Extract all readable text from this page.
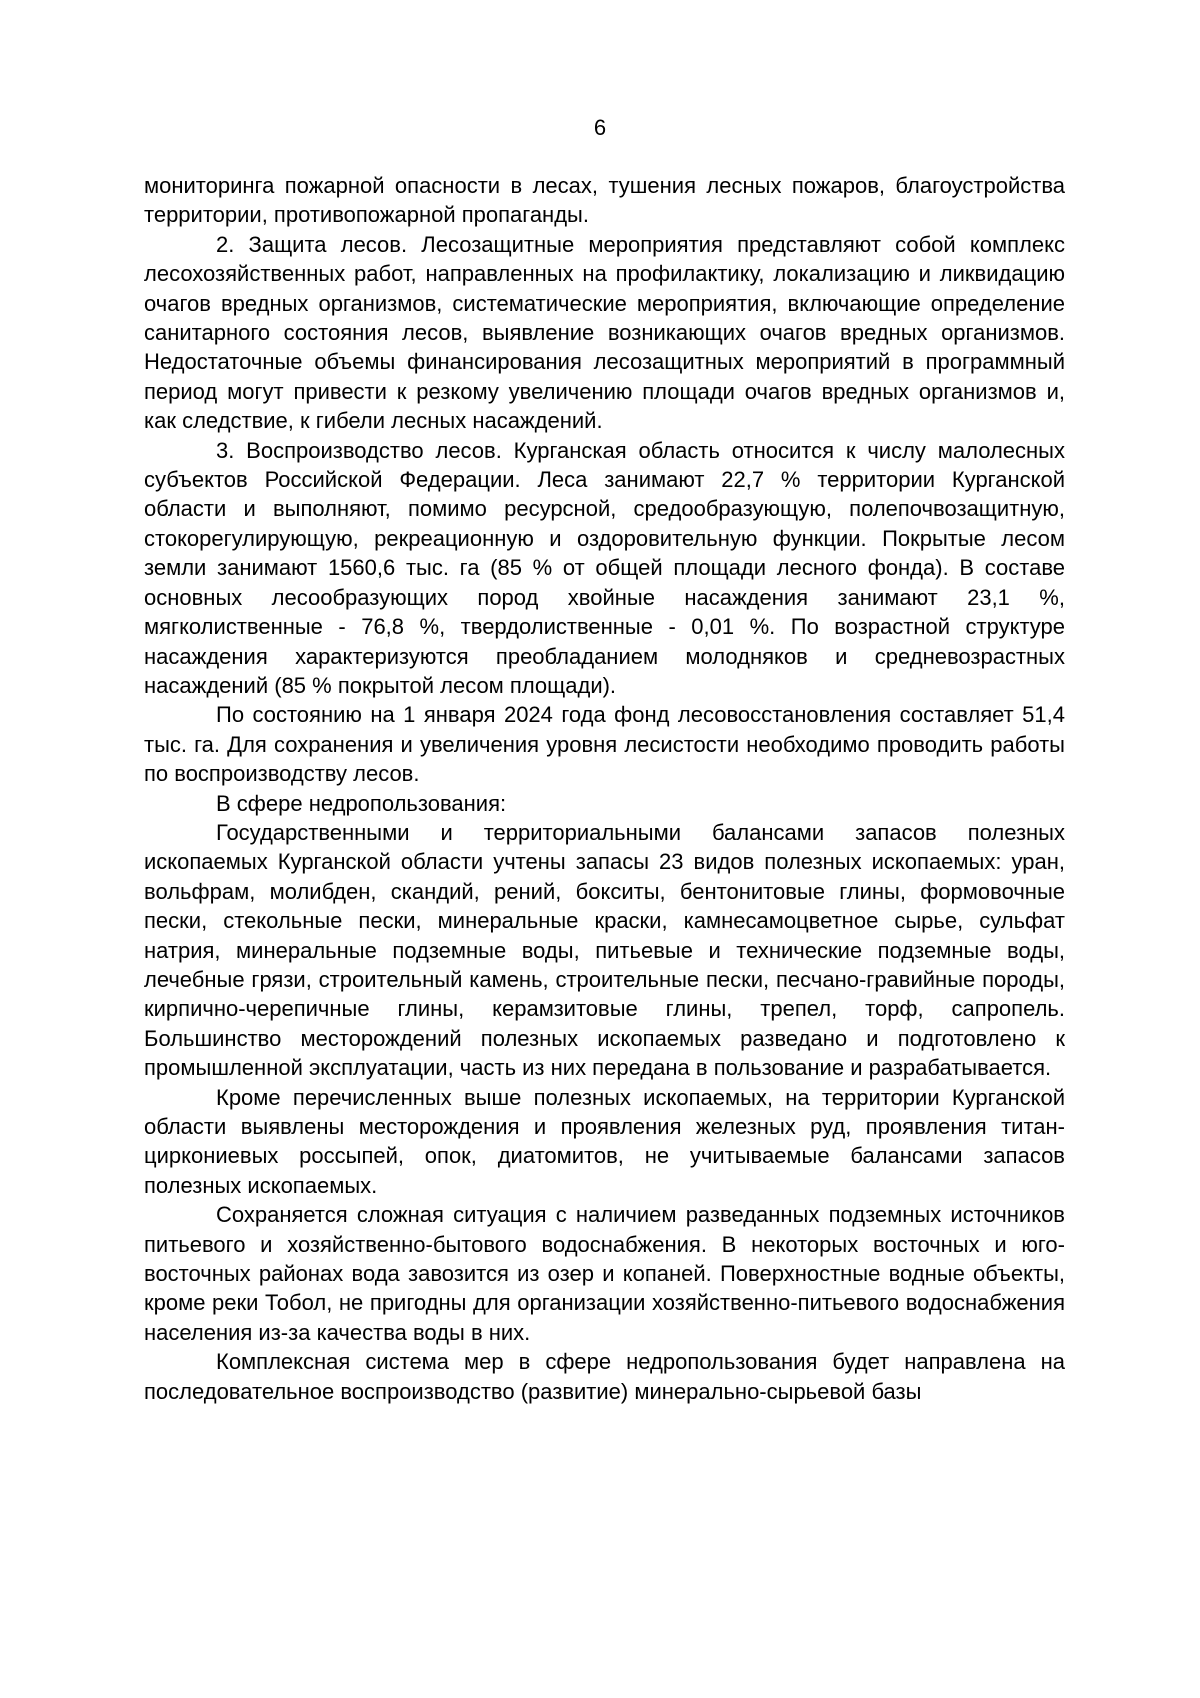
6

мониторинга пожарной опасности в лесах, тушения лесных пожаров, благоустройства территории, противопожарной пропаганды.

2. Защита лесов. Лесозащитные мероприятия представляют собой комплекс лесохозяйственных работ, направленных на профилактику, локализацию и ликвидацию очагов вредных организмов, систематические мероприятия, включающие определение санитарного состояния лесов, выявление возникающих очагов вредных организмов. Недостаточные объемы финансирования лесозащитных мероприятий в программный период могут привести к резкому увеличению площади очагов вредных организмов и, как следствие, к гибели лесных насаждений.

3. Воспроизводство лесов. Курганская область относится к числу малолесных субъектов Российской Федерации. Леса занимают 22,7 % территории Курганской области и выполняют, помимо ресурсной, средообразующую, полепочвозащитную, стокорегулирующую, рекреационную и оздоровительную функции. Покрытые лесом земли занимают 1560,6 тыс. га (85 % от общей площади лесного фонда). В составе основных лесообразующих пород хвойные насаждения занимают 23,1 %, мягколиственные - 76,8 %, твердолиственные - 0,01 %. По возрастной структуре насаждения характеризуются преобладанием молодняков и средневозрастных насаждений (85 % покрытой лесом площади).

По состоянию на 1 января 2024 года фонд лесовосстановления составляет 51,4 тыс. га. Для сохранения и увеличения уровня лесистости необходимо проводить работы по воспроизводству лесов.

В сфере недропользования:

Государственными и территориальными балансами запасов полезных ископаемых Курганской области учтены запасы 23 видов полезных ископаемых: уран, вольфрам, молибден, скандий, рений, бокситы, бентонитовые глины, формовочные пески, стекольные пески, минеральные краски, камнесамоцветное сырье, сульфат натрия, минеральные подземные воды, питьевые и технические подземные воды, лечебные грязи, строительный камень, строительные пески, песчано-гравийные породы, кирпично-черепичные глины, керамзитовые глины, трепел, торф, сапропель. Большинство месторождений полезных ископаемых разведано и подготовлено к промышленной эксплуатации, часть из них передана в пользование и разрабатывается.

Кроме перечисленных выше полезных ископаемых, на территории Курганской области выявлены месторождения и проявления железных руд, проявления титан-циркониевых россыпей, опок, диатомитов, не учитываемые балансами запасов полезных ископаемых.

Сохраняется сложная ситуация с наличием разведанных подземных источников питьевого и хозяйственно-бытового водоснабжения. В некоторых восточных и юго-восточных районах вода завозится из озер и копаней. Поверхностные водные объекты, кроме реки Тобол, не пригодны для организации хозяйственно-питьевого водоснабжения населения из-за качества воды в них.

Комплексная система мер в сфере недропользования будет направлена на последовательное воспроизводство (развитие) минерально-сырьевой базы
